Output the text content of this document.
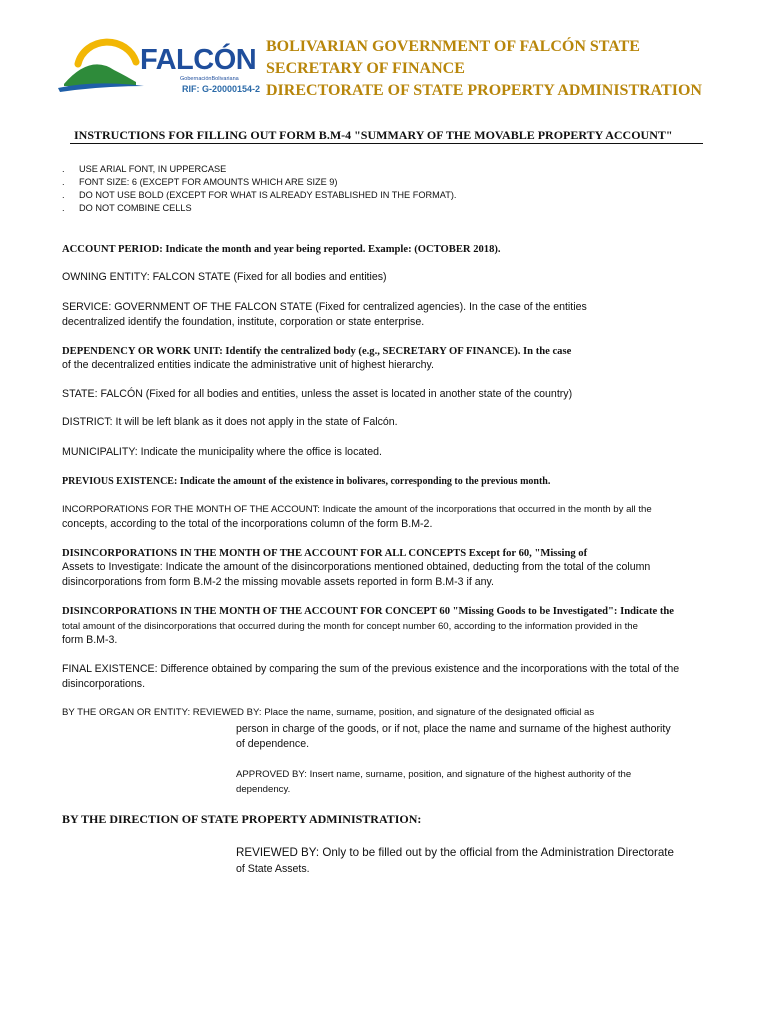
FALCÓN
GobernaciónBolivariana
RIF: G-20000154-2
BOLIVARIAN GOVERNMENT OF FALCÓN STATE
SECRETARY OF FINANCE
DIRECTORATE OF STATE PROPERTY ADMINISTRATION
INSTRUCTIONS FOR FILLING OUT FORM B.M-4 "SUMMARY OF THE MOVABLE PROPERTY ACCOUNT"
. USE ARIAL FONT, IN UPPERCASE
. FONT SIZE: 6 (EXCEPT FOR AMOUNTS WHICH ARE SIZE 9)
. DO NOT USE BOLD (EXCEPT FOR WHAT IS ALREADY ESTABLISHED IN THE FORMAT).
. DO NOT COMBINE CELLS
ACCOUNT PERIOD: Indicate the month and year being reported. Example: (OCTOBER 2018).
OWNING ENTITY: FALCON STATE (Fixed for all bodies and entities)
SERVICE: GOVERNMENT OF THE FALCON STATE (Fixed for centralized agencies). In the case of the entities
decentralized identify the foundation, institute, corporation or state enterprise.
DEPENDENCY OR WORK UNIT: Identify the centralized body (e.g., SECRETARY OF FINANCE). In the case
of the decentralized entities indicate the administrative unit of highest hierarchy.
STATE: FALCÓN (Fixed for all bodies and entities, unless the asset is located in another state of the country)
DISTRICT: It will be left blank as it does not apply in the state of Falcón.
MUNICIPALITY: Indicate the municipality where the office is located.
PREVIOUS EXISTENCE: Indicate the amount of the existence in bolivares, corresponding to the previous month.
INCORPORATIONS FOR THE MONTH OF THE ACCOUNT: Indicate the amount of the incorporations that occurred in the month by all the
concepts, according to the total of the incorporations column of the form B.M-2.
DISINCORPORATIONS IN THE MONTH OF THE ACCOUNT FOR ALL CONCEPTS Except for 60, "Missing of
Assets to Investigate: Indicate the amount of the disincorporations mentioned obtained, deducting from the total of the column
disincorporations from form B.M-2 the missing movable assets reported in form B.M-3 if any.
DISINCORPORATIONS IN THE MONTH OF THE ACCOUNT FOR CONCEPT 60 "Missing Goods to be Investigated": Indicate the
total amount of the disincorporations that occurred during the month for concept number 60, according to the information provided in the
form B.M-3.
FINAL EXISTENCE: Difference obtained by comparing the sum of the previous existence and the incorporations with the total of the
disincorporations.
BY THE ORGAN OR ENTITY: REVIEWED BY: Place the name, surname, position, and signature of the designated official as
person in charge of the goods, or if not, place the name and surname of the highest authority
of dependence.
APPROVED BY: Insert name, surname, position, and signature of the highest authority of the
dependency.
BY THE DIRECTION OF STATE PROPERTY ADMINISTRATION:
REVIEWED BY: Only to be filled out by the official from the Administration Directorate
of State Assets.
